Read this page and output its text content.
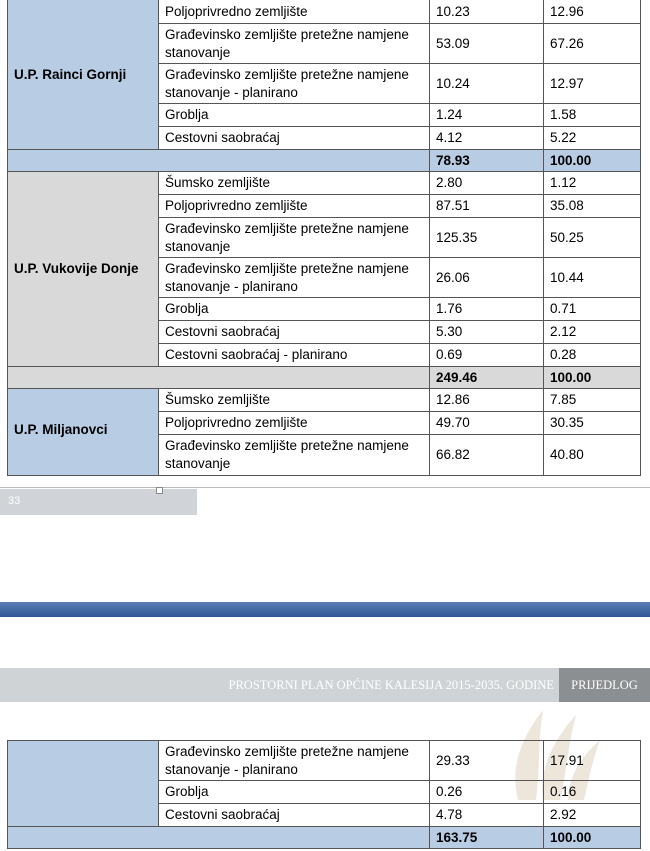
U.P. Rainci Gornji	Poljoprivredno zemljište	10.23	12.96
	Građevinsko zemljište pretežne namjene stanovanje	53.09	67.26
	Građevinsko zemljište pretežne namjene stanovanje - planirano	10.24	12.97
	Groblja	1.24	1.58
	Cestovni saobraćaj	4.12	5.22
		78.93	100.00
U.P. Vukovije Donje	Šumsko zemljište	2.80	1.12
	Poljoprivredno zemljište	87.51	35.08
	Građevinsko zemljište pretežne namjene stanovanje	125.35	50.25
	Građevinsko zemljište pretežne namjene stanovanje - planirano	26.06	10.44
	Groblja	1.76	0.71
	Cestovni saobraćaj	5.30	2.12
	Cestovni saobraćaj - planirano	0.69	0.28
		249.46	100.00
U.P. Miljanovci	Šumsko zemljište	12.86	7.85
	Poljoprivredno zemljište	49.70	30.35
	Građevinsko zemljište pretežne namjene stanovanje	66.82	40.80
33
PROSTORNI PLAN OPĆINE KALESIJA 2015-2035. GODINE	PRIJEDLOG
	Građevinsko zemljište pretežne namjene stanovanje - planirano	29.33	17.91
	Groblja	0.26	0.16
	Cestovni saobraćaj	4.78	2.92
		163.75	100.00
